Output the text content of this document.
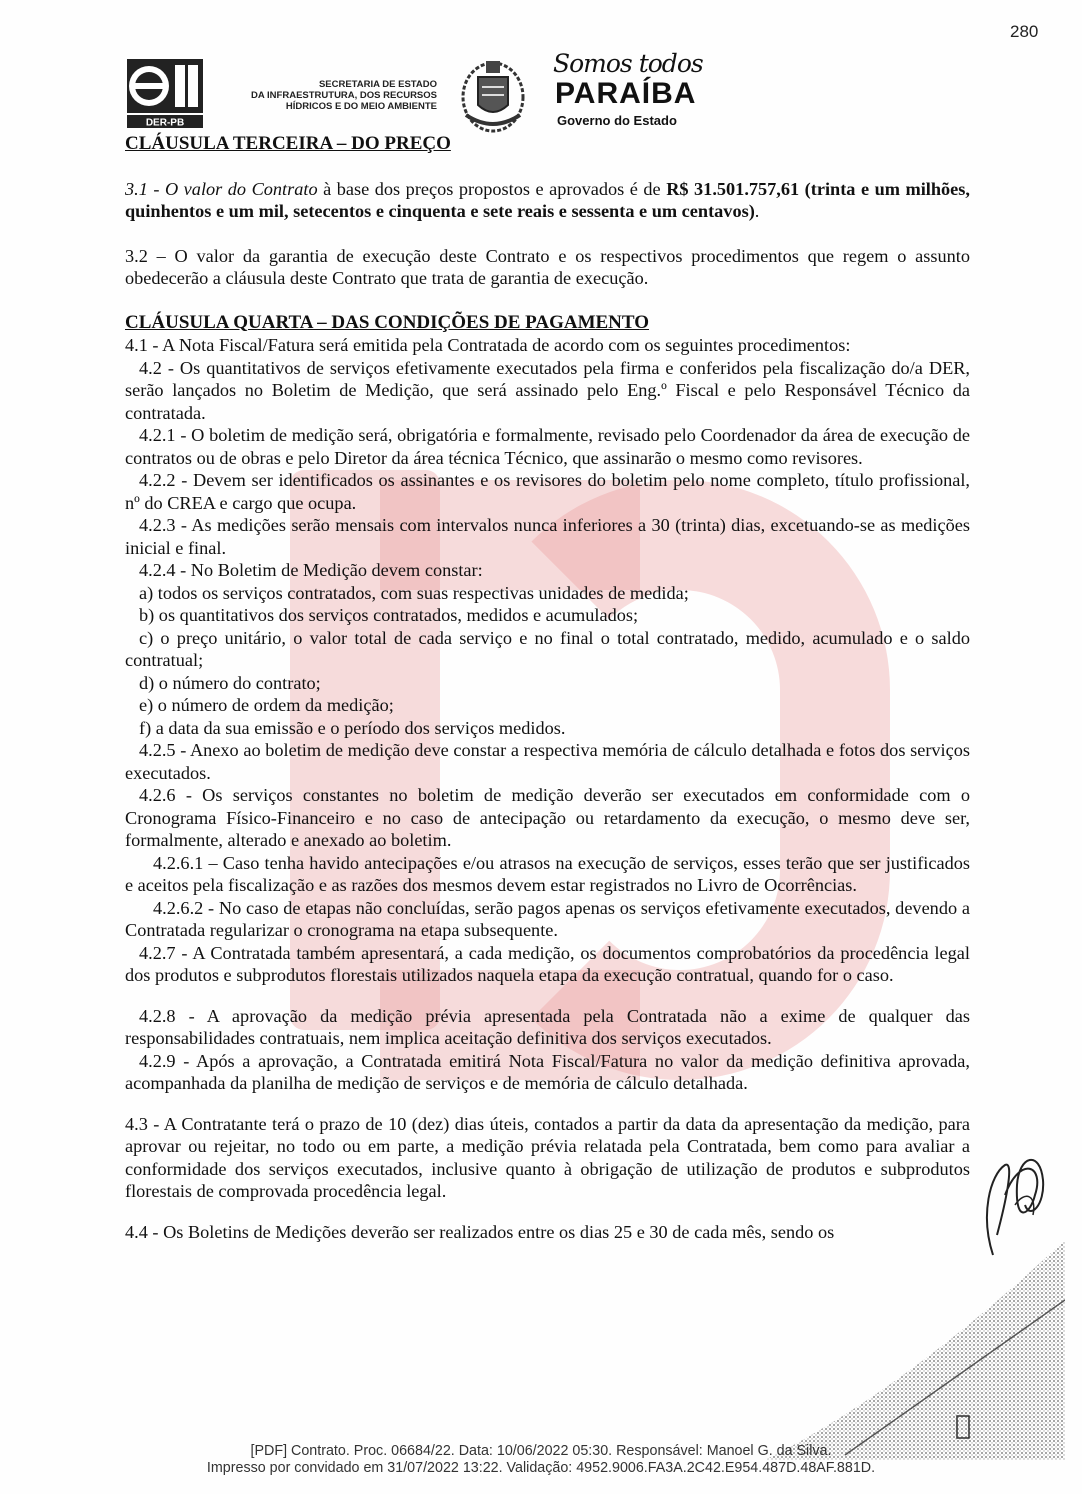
280
DER-PB
SECRETARIA DE ESTADO
DA INFRAESTRUTURA, DOS RECURSOS
HÍDRICOS E DO MEIO AMBIENTE
Somos todos
PARAÍBA
Governo do Estado

CLÁUSULA TERCEIRA – DO PREÇO

3.1 - O valor do Contrato à base dos preços propostos e aprovados é de R$ 31.501.757,61 (trinta e um milhões, quinhentos e um mil, setecentos e cinquenta e sete reais e sessenta e um centavos).

3.2 – O valor da garantia de execução deste Contrato e os respectivos procedimentos que regem o assunto obedecerão a cláusula deste Contrato que trata de garantia de execução.

CLÁUSULA QUARTA – DAS CONDIÇÕES DE PAGAMENTO

4.1 - A Nota Fiscal/Fatura será emitida pela Contratada de acordo com os seguintes procedimentos:

4.2 - Os quantitativos de serviços efetivamente executados pela firma e conferidos pela fiscalização do/a DER, serão lançados no Boletim de Medição, que será assinado pelo Eng.º Fiscal e pelo Responsável Técnico da contratada.

4.2.1 - O boletim de medição será, obrigatória e formalmente, revisado pelo Coordenador da área de execução de contratos ou de obras e pelo Diretor da área técnica Técnico, que assinarão o mesmo como revisores.

4.2.2 - Devem ser identificados os assinantes e os revisores do boletim pelo nome completo, título profissional, nº do CREA e cargo que ocupa.

4.2.3 - As medições serão mensais com intervalos nunca inferiores a 30 (trinta) dias, excetuando-se as medições inicial e final.

4.2.4 - No Boletim de Medição devem constar:

a) todos os serviços contratados, com suas respectivas unidades de medida;

b) os quantitativos dos serviços contratados, medidos e acumulados;

c) o preço unitário, o valor total de cada serviço e no final o total contratado, medido, acumulado e o saldo contratual;

d) o número do contrato;

e) o número de ordem da medição;

f) a data da sua emissão e o período dos serviços medidos.

4.2.5 - Anexo ao boletim de medição deve constar a respectiva memória de cálculo detalhada e fotos dos serviços executados.

4.2.6 - Os serviços constantes no boletim de medição deverão ser executados em conformidade com o Cronograma Físico-Financeiro e no caso de antecipação ou retardamento da execução, o mesmo deve ser, formalmente, alterado e anexado ao boletim.

4.2.6.1 – Caso tenha havido antecipações e/ou atrasos na execução de serviços, esses terão que ser justificados e aceitos pela fiscalização e as razões dos mesmos devem estar registrados no Livro de Ocorrências.

4.2.6.2 - No caso de etapas não concluídas, serão pagos apenas os serviços efetivamente executados, devendo a Contratada regularizar o cronograma na etapa subsequente.

4.2.7 - A Contratada também apresentará, a cada medição, os documentos comprobatórios da procedência legal dos produtos e subprodutos florestais utilizados naquela etapa da execução contratual, quando for o caso.

4.2.8 - A aprovação da medição prévia apresentada pela Contratada não a exime de qualquer das responsabilidades contratuais, nem implica aceitação definitiva dos serviços executados.

4.2.9 - Após a aprovação, a Contratada emitirá Nota Fiscal/Fatura no valor da medição definitiva aprovada, acompanhada da planilha de medição de serviços e de memória de cálculo detalhada.

4.3 - A Contratante terá o prazo de 10 (dez) dias úteis, contados a partir da data da apresentação da medição, para aprovar ou rejeitar, no todo ou em parte, a medição prévia relatada pela Contratada, bem como para avaliar a conformidade dos serviços executados, inclusive quanto à obrigação de utilização de produtos e subprodutos florestais de comprovada procedência legal.

4.4 - Os Boletins de Medições deverão ser realizados entre os dias 25 e 30 de cada mês, sendo os

[PDF] Contrato. Proc. 06684/22. Data: 10/06/2022 05:30. Responsável: Manoel G. da Silva.
Impresso por convidado em 31/07/2022 13:22. Validação: 4952.9006.FA3A.2C42.E954.487D.48AF.881D.
